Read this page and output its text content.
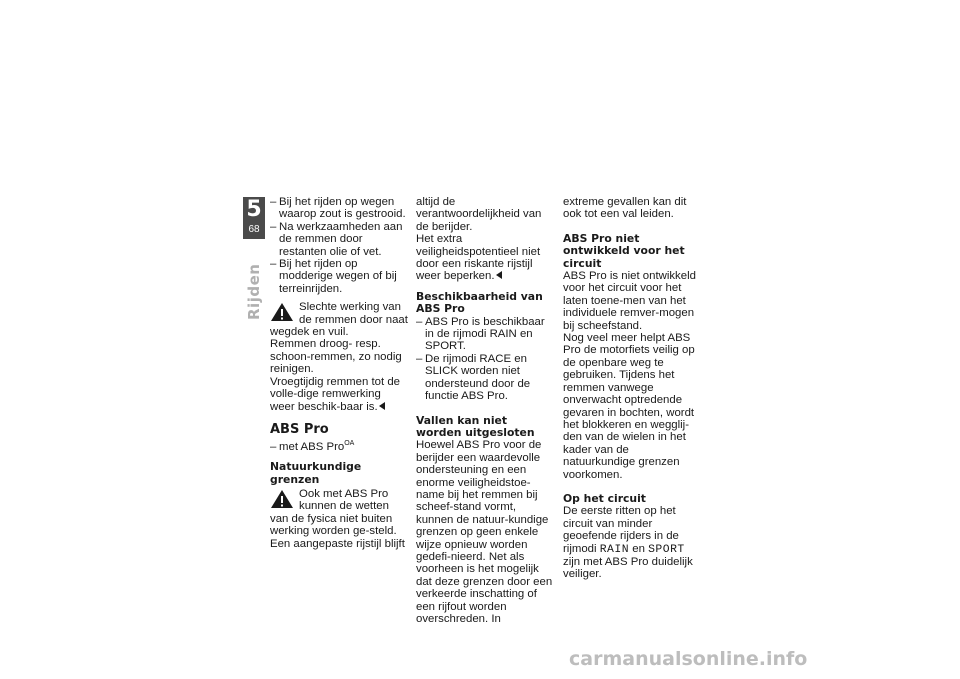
5
68
Rijden

– Bij het rijden op wegen waarop zout is gestrooid.

– Na werkzaamheden aan de remmen door restanten olie of vet.

– Bij het rijden op modderige wegen of bij terreinrijden.

Slechte werking van de remmen door naat wegdek en vuil.

Remmen droog- resp. schoon-remmen, zo nodig reinigen.

Vroegtijdig remmen tot de volle-dige remwerking weer beschik-baar is.

ABS Pro

– met ABS Pro$^{OA}$

Natuurkundige grenzen

Ook met ABS Pro kunnen de wetten van de fysica niet buiten werking worden ge-steld. Een aangepaste rijstijl blijft

altijd de verantwoordelijkheid van de berijder.

Het extra veiligheidspotentieel niet door een riskante rijstijl weer beperken.

Beschikbaarheid van ABS Pro

– ABS Pro is beschikbaar in de rijmodi RAIN en SPORT.

– De rijmodi RACE en SLICK worden niet ondersteund door de functie ABS Pro.

Vallen kan niet worden uitgesloten

Hoewel ABS Pro voor de berijder een waardevolle ondersteuning en een enorme veiligheidstoe-name bij het remmen bij scheef-stand vormt, kunnen de natuur-kundige grenzen op geen enkele wijze opnieuw worden gedefi-nieerd. Net als voorheen is het mogelijk dat deze grenzen door een verkeerde inschatting of een rijfout worden overschreden. In

extreme gevallen kan dit ook tot een val leiden.

ABS Pro niet ontwikkeld voor het circuit

ABS Pro is niet ontwikkeld voor het circuit voor het laten toene-men van het individuele remver-mogen bij scheefstand.

Nog veel meer helpt ABS Pro de motorfiets veilig op de openbare weg te gebruiken. Tijdens het remmen vanwege onverwacht optredende gevaren in bochten, wordt het blokkeren en wegglij-den van de wielen in het kader van de natuurkundige grenzen voorkomen.

Op het circuit

De eerste ritten op het circuit van minder geoefende rijders in de rijmodi RAIN en SPORT zijn met ABS Pro duidelijk veiliger.

carmanualsonline.info
